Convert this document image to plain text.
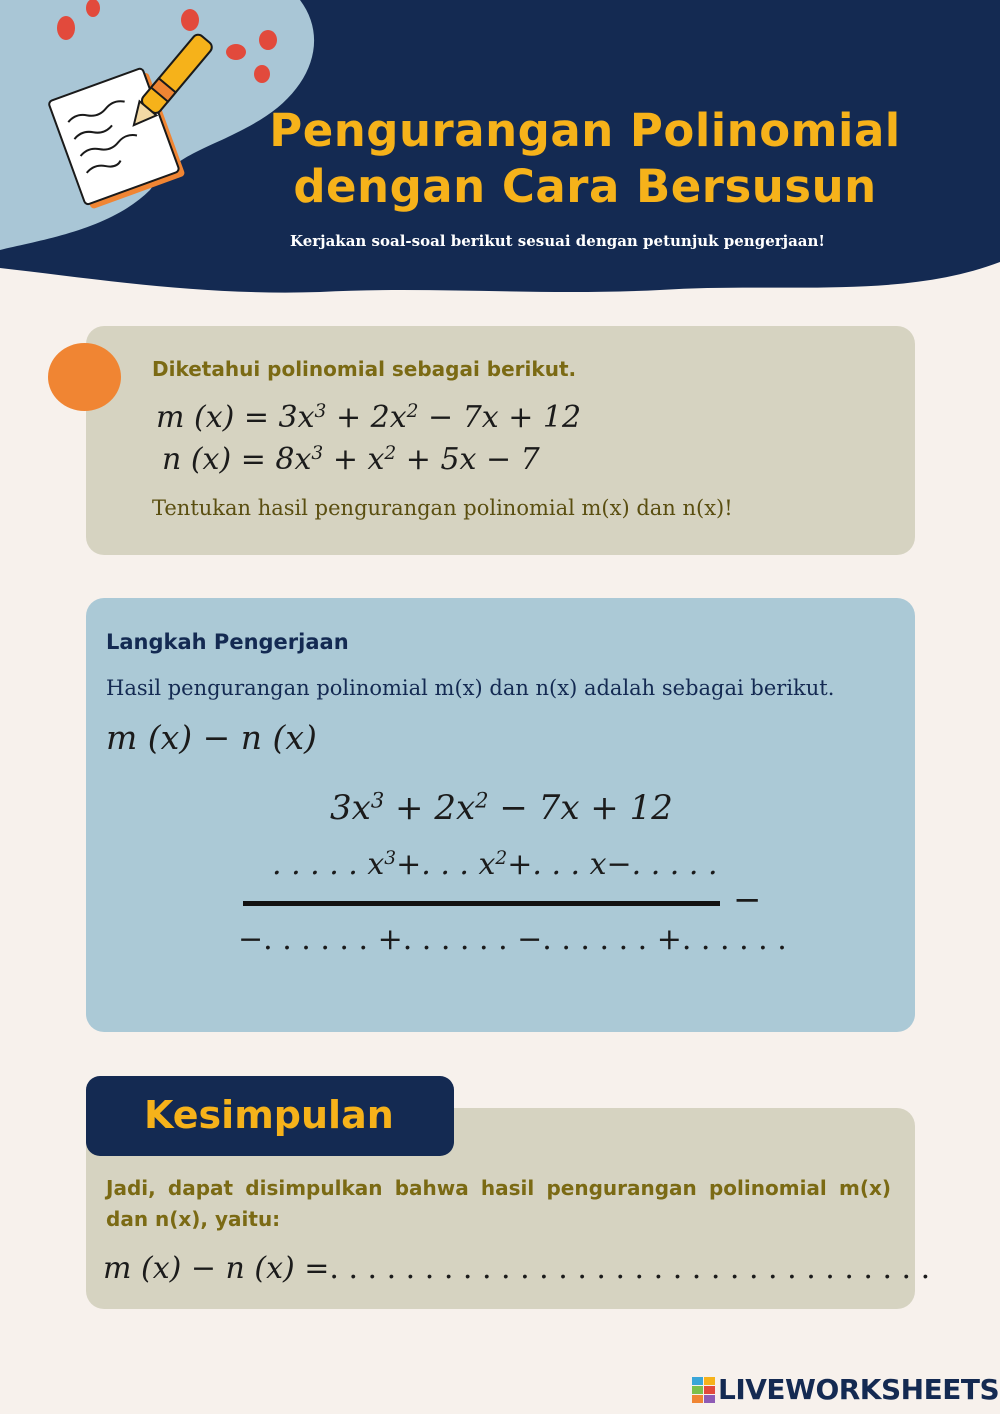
Pengurangan Polinomial
dengan Cara Bersusun
Kerjakan soal-soal berikut sesuai dengan petunjuk pengerjaan!
Diketahui polinomial sebagai berikut.
m $(x) = 3x^3 + 2x^2 - 7x + 12$
n $(x) = 8x^3 + x^2 + 5x - 7$
Tentukan hasil pengurangan polinomial m(x) dan n(x)!
Langkah Pengerjaan
Hasil pengurangan polinomial m(x) dan n(x) adalah sebagai berikut.
m (x) − n (x)
$3x^3 + 2x^2 - 7x + 12$
. . . . . $x^3+$. . . $x^2+$. . . x−. . . . .
−
−. . . . . . +. . . . . . −. . . . . . +. . . . . .
Kesimpulan
Jadi, dapat disimpulkan bahwa hasil pengurangan polinomial m(x) dan n(x), yaitu:
m (x) − n (x) =. . . . . . . . . . . . . . . . . . . . . . . . . . . . . . . .
LIVEWORKSHEETS
